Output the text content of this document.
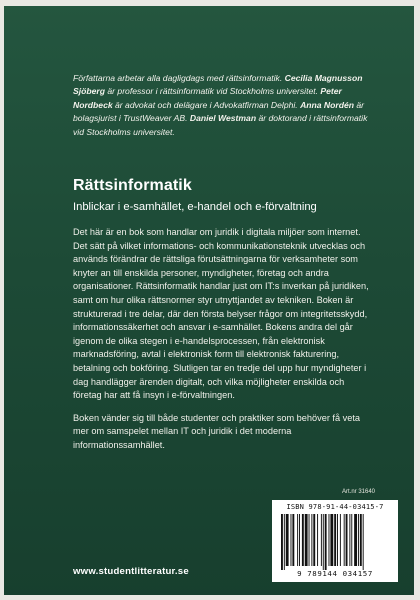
Författarna arbetar alla dagligdags med rättsinformatik. Cecilia Magnusson Sjöberg är professor i rättsinformatik vid Stockholms universitet. Peter Nordbeck är advokat och delägare i Advokatfirman Delphi. Anna Nordén är bolagsjurist i TrustWeaver AB. Daniel Westman är doktorand i rättsinformatik vid Stockholms universitet.
Rättsinformatik
Inblickar i e-samhället, e-handel och e-förvaltning

Det här är en bok som handlar om juridik i digitala miljöer som internet. Det sätt på vilket informations- och kommunikationsteknik utvecklas och används förändrar de rättsliga förutsättningarna för verksamheter som knyter an till enskilda personer, myndigheter, företag och andra organisationer. Rättsinformatik handlar just om IT:s inverkan på juridiken, samt om hur olika rättsnormer styr utnyttjandet av tekniken. Boken är strukturerad i tre delar, där den första belyser frågor om integritetsskydd, informationssäkerhet och ansvar i e-samhället. Bokens andra del går igenom de olika stegen i e-handelsprocessen, från elektronisk marknadsföring, avtal i elektronisk form till elektronisk fakturering, betalning och bokföring. Slutligen tar en tredje del upp hur myndigheter i dag handlägger ärenden digitalt, och vilka möjligheter enskilda och företag har att få insyn i e-förvaltningen.

Boken vänder sig till både studenter och praktiker som behöver få veta mer om samspelet mellan IT och juridik i det moderna informationssamhället.

Art.nr 31640
ISBN 978-91-44-03415-7
9 789144 034157
www.studentlitteratur.se
